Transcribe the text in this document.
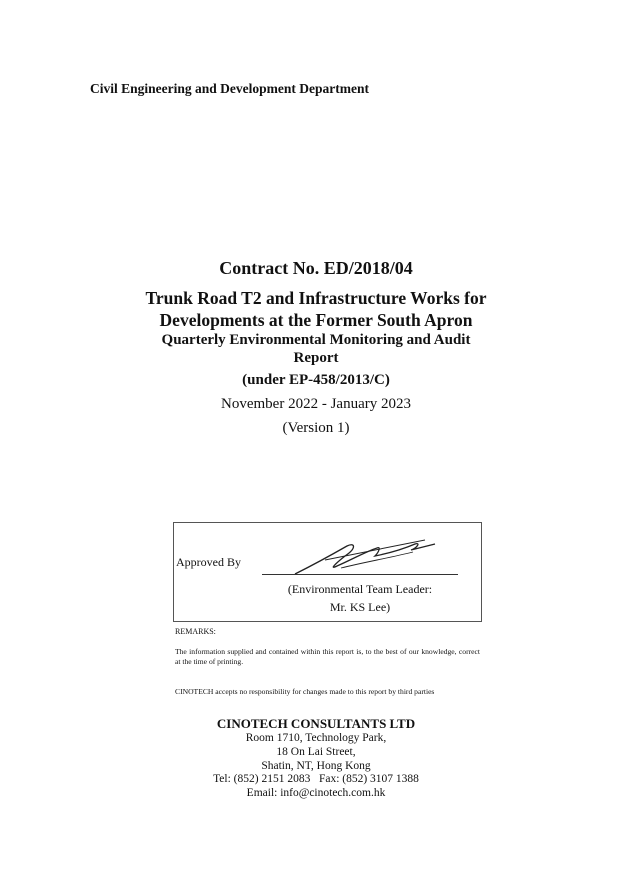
Civil Engineering and Development Department
Contract No. ED/2018/04
Trunk Road T2 and Infrastructure Works for
Developments at the Former South Apron
Quarterly Environmental Monitoring and Audit
Report
(under EP-458/2013/C)
November 2022 - January 2023
(Version 1)
Approved By
(Environmental Team Leader:
Mr. KS Lee)
REMARKS:
The information supplied and contained within this report is, to the best of our knowledge, correct at the time of printing.
CINOTECH accepts no responsibility for changes made to this report by third parties
CINOTECH CONSULTANTS LTD
Room 1710, Technology Park,
18 On Lai Street,
Shatin, NT, Hong Kong
Tel: (852) 2151 2083   Fax: (852) 3107 1388
Email: info@cinotech.com.hk
